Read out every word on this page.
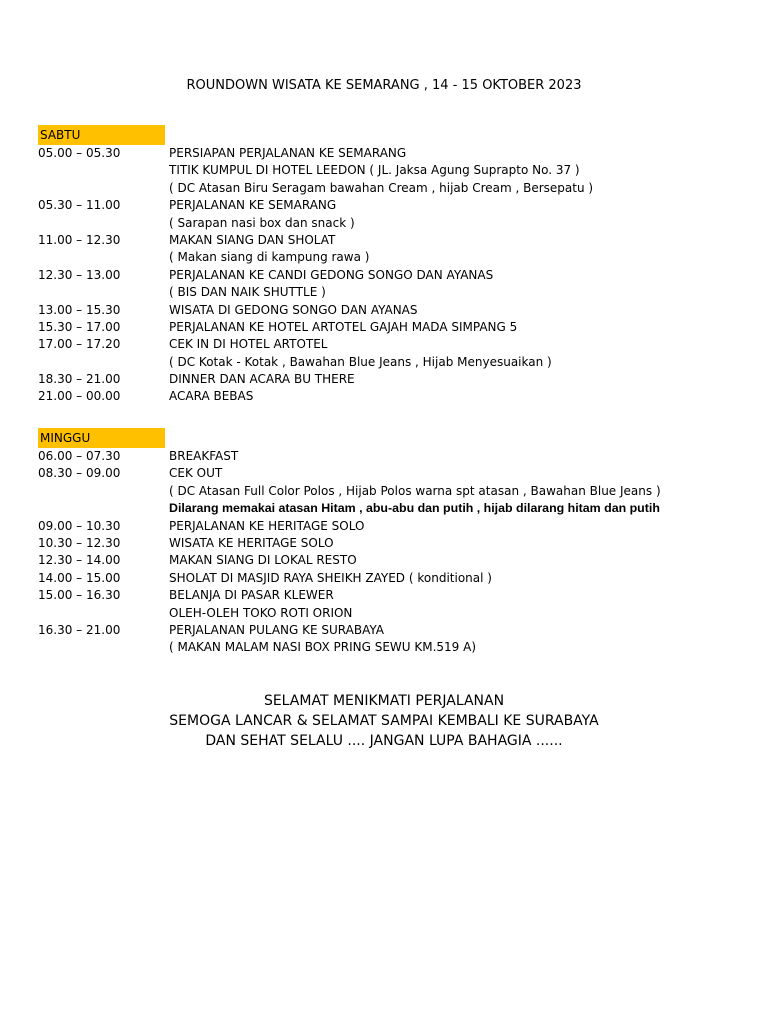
ROUNDOWN WISATA KE SEMARANG , 14 - 15 OKTOBER 2023
SABTU
05.00 – 05.30	PERSIAPAN PERJALANAN KE SEMARANG
TITIK KUMPUL DI HOTEL LEEDON ( JL. Jaksa Agung Suprapto No. 37 )
( DC Atasan Biru Seragam bawahan Cream , hijab Cream , Bersepatu )
05.30 – 11.00	PERJALANAN KE SEMARANG
( Sarapan nasi box dan snack )
11.00 – 12.30	MAKAN SIANG DAN SHOLAT
( Makan siang di kampung rawa )
12.30 – 13.00	PERJALANAN KE CANDI GEDONG SONGO DAN AYANAS
( BIS DAN NAIK SHUTTLE )
13.00 – 15.30	WISATA DI GEDONG SONGO DAN AYANAS
15.30 – 17.00	PERJALANAN KE HOTEL ARTOTEL GAJAH MADA SIMPANG 5
17.00 – 17.20	CEK IN DI HOTEL ARTOTEL
( DC Kotak - Kotak , Bawahan Blue Jeans , Hijab Menyesuaikan )
18.30 – 21.00	DINNER DAN ACARA BU THERE
21.00 – 00.00	ACARA BEBAS
MINGGU
06.00 – 07.30	BREAKFAST
08.30 – 09.00	CEK OUT
( DC Atasan Full Color Polos , Hijab Polos warna spt atasan , Bawahan Blue Jeans )
Dilarang memakai atasan Hitam , abu-abu dan putih , hijab dilarang hitam dan putih
09.00 – 10.30	PERJALANAN KE HERITAGE SOLO
10.30 – 12.30	WISATA KE HERITAGE SOLO
12.30 – 14.00	MAKAN SIANG DI LOKAL RESTO
14.00 – 15.00	SHOLAT DI MASJID RAYA SHEIKH ZAYED ( konditional )
15.00 – 16.30	BELANJA DI PASAR KLEWER
OLEH-OLEH TOKO ROTI ORION
16.30 – 21.00	PERJALANAN PULANG KE SURABAYA
( MAKAN MALAM NASI BOX PRING SEWU KM.519 A)
SELAMAT MENIKMATI PERJALANAN
SEMOGA LANCAR & SELAMAT SAMPAI KEMBALI KE SURABAYA
DAN SEHAT SELALU .... JANGAN LUPA BAHAGIA ......
